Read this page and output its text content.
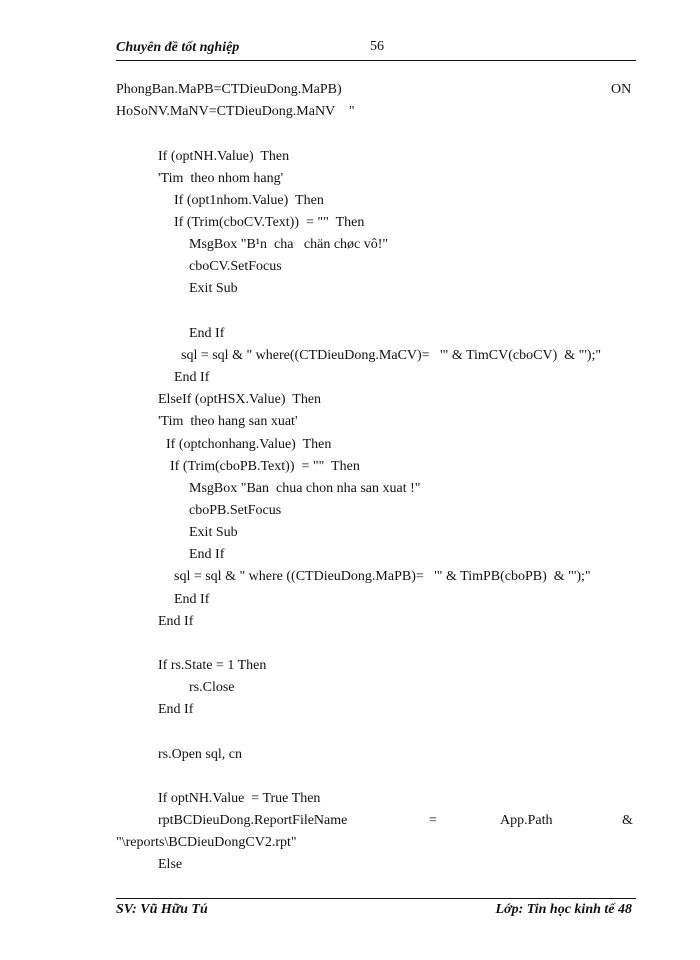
Chuyên đề tốt nghiệp	56
PhongBan.MaPB=CTDieuDong.MaPB)	ON
HoSoNV.MaNV=CTDieuDong.MaNV    "
If (optNH.Value)  Then
'Tim  theo nhom hang'
If (opt1nhom.Value)  Then
If (Trim(cboCV.Text))  = ""  Then
MsgBox "B¹n  cha   chän chøc vô!"
cboCV.SetFocus
Exit Sub
End If
sql = sql & " where((CTDieuDong.MaCV)=   '" & TimCV(cboCV)  & "');"
End If
ElseIf (optHSX.Value)  Then
'Tim  theo hang san xuat'
If (optchonhang.Value)  Then
If (Trim(cboPB.Text))  = ""  Then
MsgBox "Ban  chua chon nha san xuat !"
cboPB.SetFocus
Exit Sub
End If
sql = sql & " where ((CTDieuDong.MaPB)=   '" & TimPB(cboPB)  & "');"
End If
End If
If rs.State = 1 Then
rs.Close
End If
rs.Open sql, cn
If optNH.Value  = True Then
rptBCDieuDong.ReportFileName	=	App.Path	&
"\reports\BCDieuDongCV2.rpt"
Else
SV: Vũ Hữu Tú	Lớp: Tin học kinh tế 48
